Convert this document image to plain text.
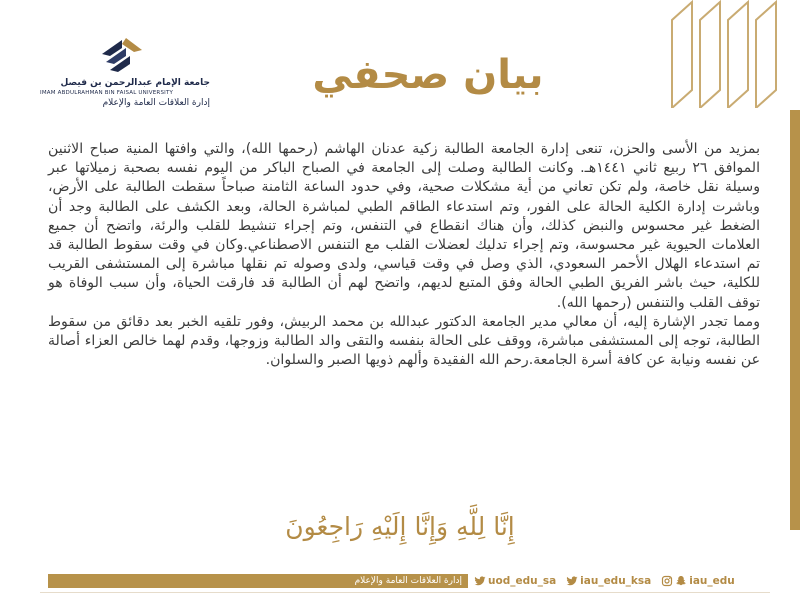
جامعة الإمام عبدالرحمن بن فيصل
IMAM ABDULRAHMAN BIN FAISAL UNIVERSITY
إدارة العلاقات العامة والإعلام
بيان صحفي

بمزيد من الأسى والحزن، تنعى إدارة الجامعة الطالبة زكية عدنان الهاشم (رحمها الله)، والتي وافتها المنية صباح الاثنين الموافق ٢٦ ربيع ثاني ١٤٤١هـ. وكانت الطالبة وصلت إلى الجامعة في الصباح الباكر من اليوم نفسه بصحبة زميلاتها عبر وسيلة نقل خاصة، ولم تكن تعاني من أية مشكلات صحية، وفي حدود الساعة الثامنة صباحاً سقطت الطالبة على الأرض، وباشرت إدارة الكلية الحالة على الفور، وتم استدعاء الطاقم الطبي لمباشرة الحالة، وبعد الكشف على الطالبة وجد أن الضغط غير محسوس والنبض كذلك، وأن هناك انقطاع في التنفس، وتم إجراء تنشيط للقلب والرئة، واتضح أن جميع العلامات الحيوية غير محسوسة، وتم إجراء تدليك لعضلات القلب مع التنفس الاصطناعي.وكان في وقت سقوط الطالبة قد تم استدعاء الهلال الأحمر السعودي، الذي وصل في وقت قياسي، ولدى وصوله تم نقلها مباشرة إلى المستشفى القريب للكلية، حيث باشر الفريق الطبي الحالة وفق المتبع لديهم، واتضح لهم أن الطالبة قد فارقت الحياة، وأن سبب الوفاة هو توقف القلب والتنفس (رحمها الله).

ومما تجدر الإشارة إليه، أن معالي مدير الجامعة الدكتور عبدالله بن محمد الربيش، وفور تلقيه الخبر بعد دقائق من سقوط الطالبة، توجه إلى المستشفى مباشرة، ووقف على الحالة بنفسه والتقى والد الطالبة وزوجها، وقدم لهما خالص العزاء أصالة عن نفسه ونيابة عن كافة أسرة الجامعة.رحم الله الفقيدة وألهم ذويها الصبر والسلوان.

إِنَّا لِلَّهِ وَإِنَّا إِلَيْهِ رَاجِعُونَ
إدارة العلاقات العامة والإعلام uod_edu_sa iau_edu_ksa	iau_edu
